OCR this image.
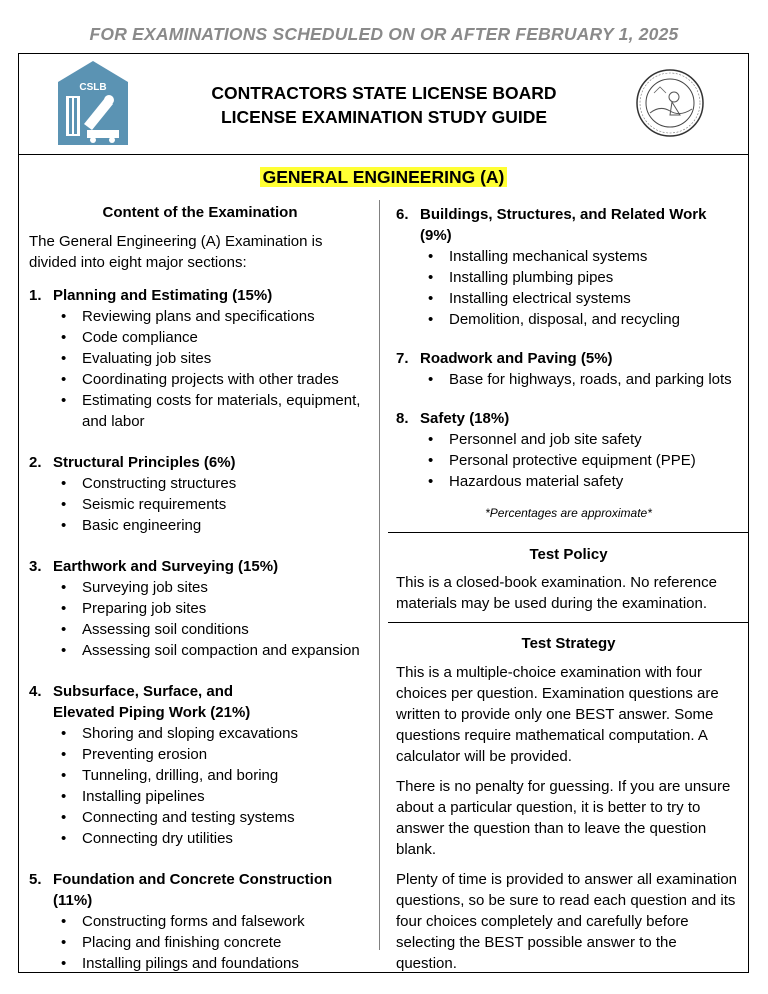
FOR EXAMINATIONS SCHEDULED ON OR AFTER FEBRUARY 1, 2025
CSLB	CONTRACTORS STATE LICENSE BOARD
LICENSE EXAMINATION STUDY GUIDE
GENERAL ENGINEERING (A)
Content of the Examination
The General Engineering (A) Examination is divided into eight major sections:
1. Planning and Estimating (15%)
• Reviewing plans and specifications
• Code compliance
• Evaluating job sites
• Coordinating projects with other trades
• Estimating costs for materials, equipment, and labor
2. Structural Principles (6%)
• Constructing structures
• Seismic requirements
• Basic engineering
3. Earthwork and Surveying (15%)
• Surveying job sites
• Preparing job sites
• Assessing soil conditions
• Assessing soil compaction and expansion
4. Subsurface, Surface, and
Elevated Piping Work (21%)
• Shoring and sloping excavations
• Preventing erosion
• Tunneling, drilling, and boring
• Installing pipelines
• Connecting and testing systems
• Connecting dry utilities
5. Foundation and Concrete Construction (11%)
• Constructing forms and falsework
• Placing and finishing concrete
• Installing pilings and foundations
6. Buildings, Structures, and Related Work (9%)
• Installing mechanical systems
• Installing plumbing pipes
• Installing electrical systems
• Demolition, disposal, and recycling
7. Roadwork and Paving (5%)
• Base for highways, roads, and parking lots
8. Safety (18%)
• Personnel and job site safety
• Personal protective equipment (PPE)
• Hazardous material safety
*Percentages are approximate*
Test Policy
This is a closed-book examination. No reference materials may be used during the examination.
Test Strategy
This is a multiple-choice examination with four choices per question. Examination questions are written to provide only one BEST answer. Some questions require mathematical computation. A calculator will be provided.
There is no penalty for guessing. If you are unsure about a particular question, it is better to try to answer the question than to leave the question blank.
Plenty of time is provided to answer all examination questions, so be sure to read each question and its four choices completely and carefully before selecting the BEST possible answer to the question.
